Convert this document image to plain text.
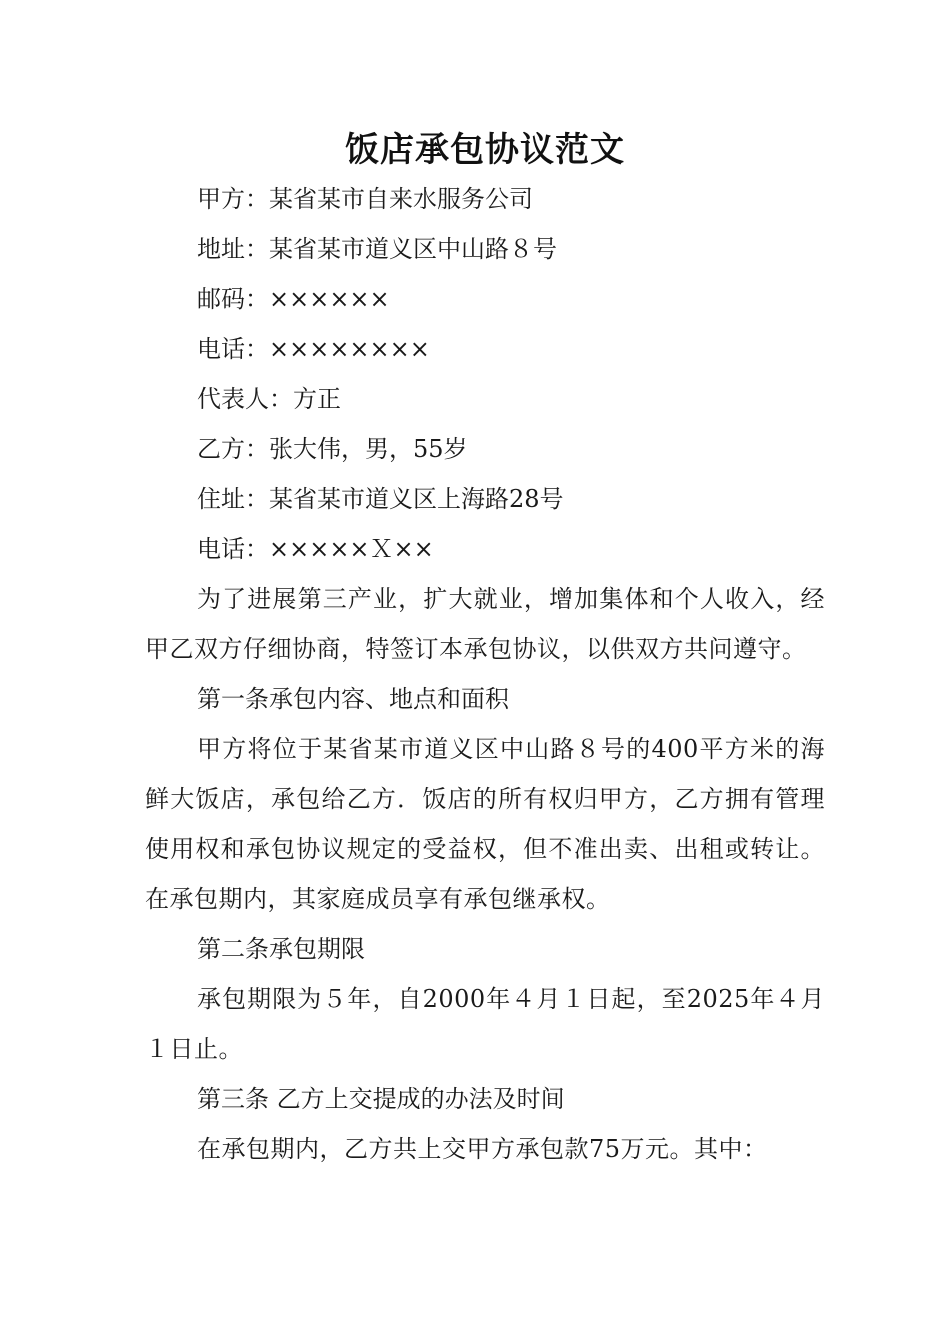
饭店承包协议范文

甲方：某省某市自来水服务公司

地址：某省某市道义区中山路８号

邮码：××××××

电话：××××××××

代表人：方正

乙方：张大伟，男，55岁

住址：某省某市道义区上海路28号

电话：×××××Ｘ××

为了进展第三产业，扩大就业，增加集体和个人收入，经甲乙双方仔细协商，特签订本承包协议，以供双方共问遵守。

第一条承包内容、地点和面积

甲方将位于某省某市道义区中山路８号的400平方米的海鲜大饭店，承包给乙方．饭店的所有权归甲方，乙方拥有管理使用权和承包协议规定的受益权，但不准出卖、出租或转让。在承包期内，其家庭成员享有承包继承权。

第二条承包期限

承包期限为５年，自2000年４月１日起，至2025年４月１日止。

第三条 乙方上交提成的办法及时间

在承包期内，乙方共上交甲方承包款75万元。其中：
